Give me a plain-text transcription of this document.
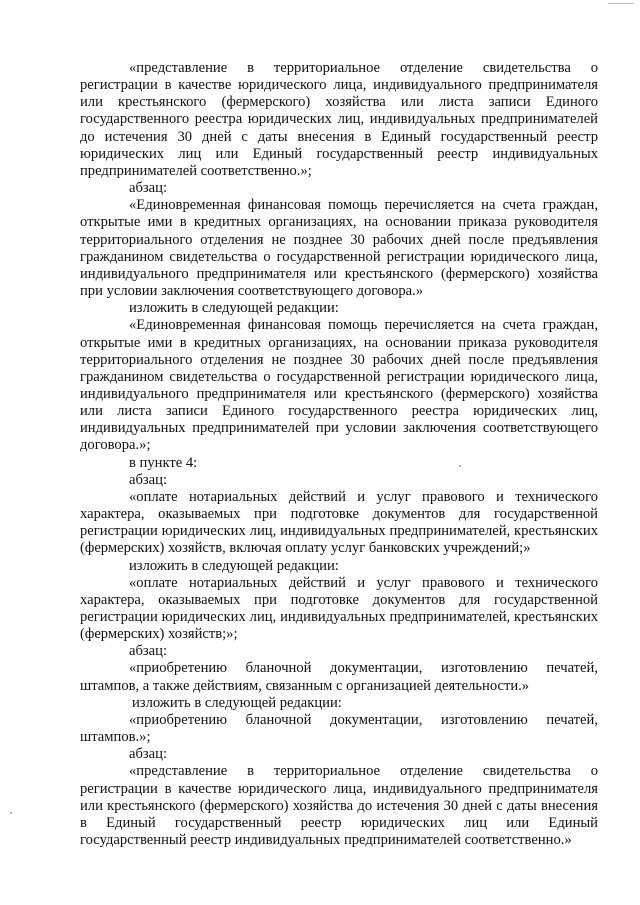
«представление в территориальное отделение свидетельства о регистрации в качестве юридического лица, индивидуального предпринимателя или крестьянского (фермерского) хозяйства или листа записи Единого государственного реестра юридических лиц, индивидуальных предпринимателей до истечения 30 дней с даты внесения в Единый государственный реестр юридических лиц или Единый государственный реестр индивидуальных предпринимателей соответственно.»;

абзац:

«Единовременная финансовая помощь перечисляется на счета граждан, открытые ими в кредитных организациях, на основании приказа руководителя территориального отделения не позднее 30 рабочих дней после предъявления гражданином свидетельства о государственной регистрации юридического лица, индивидуального предпринимателя или крестьянского (фермерского) хозяйства при условии заключения соответствующего договора.»

изложить в следующей редакции:

«Единовременная финансовая помощь перечисляется на счета граждан, открытые ими в кредитных организациях, на основании приказа руководителя территориального отделения не позднее 30 рабочих дней после предъявления гражданином свидетельства о государственной регистрации юридического лица, индивидуального предпринимателя или крестьянского (фермерского) хозяйства или листа записи Единого государственного реестра юридических лиц, индивидуальных предпринимателей при условии заключения соответствующего договора.»;

в пункте 4:

абзац:

«оплате нотариальных действий и услуг правового и технического характера, оказываемых при подготовке документов для государственной регистрации юридических лиц, индивидуальных предпринимателей, крестьянских (фермерских) хозяйств, включая оплату услуг банковских учреждений;»

изложить в следующей редакции:

«оплате нотариальных действий и услуг правового и технического характера, оказываемых при подготовке документов для государственной регистрации юридических лиц, индивидуальных предпринимателей, крестьянских (фермерских) хозяйств;»;

абзац:

«приобретению бланочной документации, изготовлению печатей, штампов, а также действиям, связанным с организацией деятельности.»

изложить в следующей редакции:

«приобретению бланочной документации, изготовлению печатей, штампов.»;

абзац:

«представление в территориальное отделение свидетельства о регистрации в качестве юридического лица, индивидуального предпринимателя или крестьянского (фермерского) хозяйства до истечения 30 дней с даты внесения в Единый государственный реестр юридических лиц или Единый государственный реестр индивидуальных предпринимателей соответственно.»
